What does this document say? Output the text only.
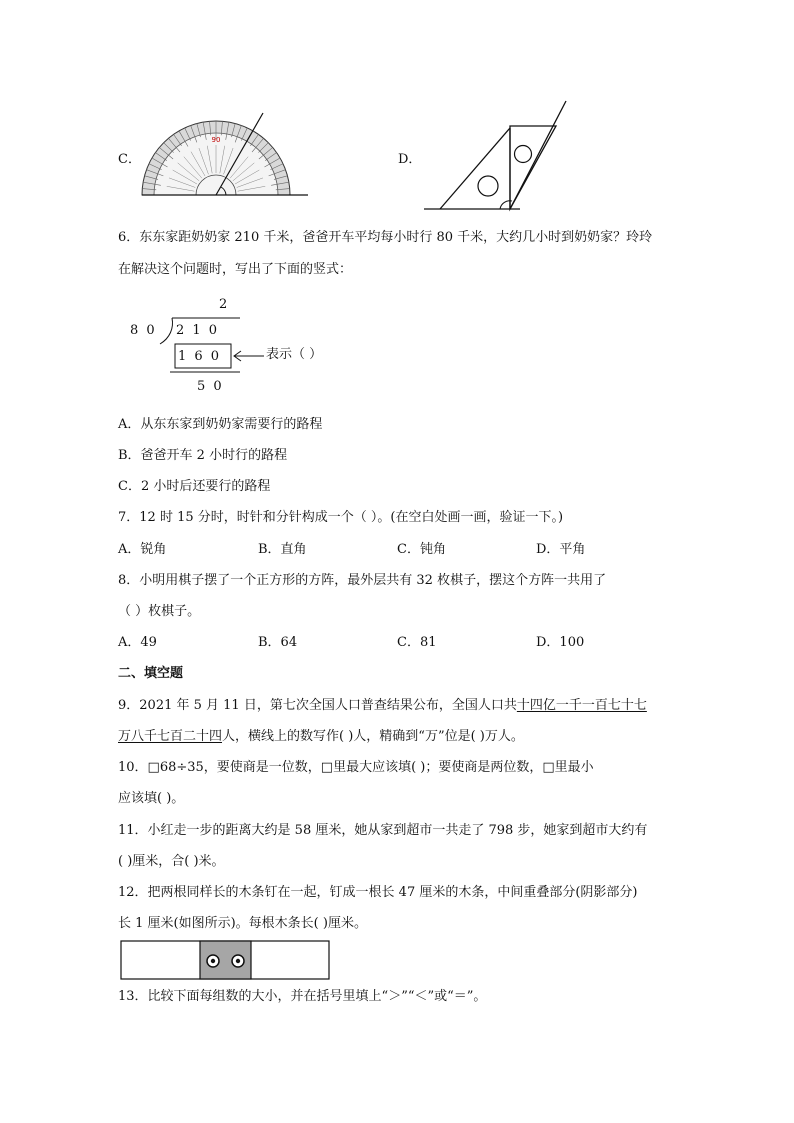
C．
90
D．
6．东东家距奶奶家 210 千米，爸爸开车平均每小时行 80 千米，大约几小时到奶奶家？玲玲
在解决这个问题时，写出了下面的竖式：
2
8 0 2 1 0
1 6 0	表示（ ）
5 0
A．从东东家到奶奶家需要行的路程
B．爸爸开车 2 小时行的路程
C．2 小时后还要行的路程
7．12 时 15 分时，时针和分针构成一个（ ）。(在空白处画一画，验证一下。)
A．锐角	B．直角	C．钝角	D．平角
8．小明用棋子摆了一个正方形的方阵，最外层共有 32 枚棋子，摆这个方阵一共用了
（ ）枚棋子。
A．49	B．64	C．81	D．100
二、填空题
9．2021 年 5 月 11 日，第七次全国人口普查结果公布，全国人口共十四亿一千一百七十七
万八千七百二十四人，横线上的数写作( )人，精确到“万”位是( )万人。
10．□68÷35，要使商是一位数，□里最大应该填( )；要使商是两位数，□里最小
应该填( )。
11．小红走一步的距离大约是 58 厘米，她从家到超市一共走了 798 步，她家到超市大约有
( )厘米，合( )米。
12．把两根同样长的木条钉在一起，钉成一根长 47 厘米的木条，中间重叠部分(阴影部分)
长 1 厘米(如图所示)。每根木条长( )厘米。
13．比较下面每组数的大小，并在括号里填上“＞”“＜”或“＝”。
